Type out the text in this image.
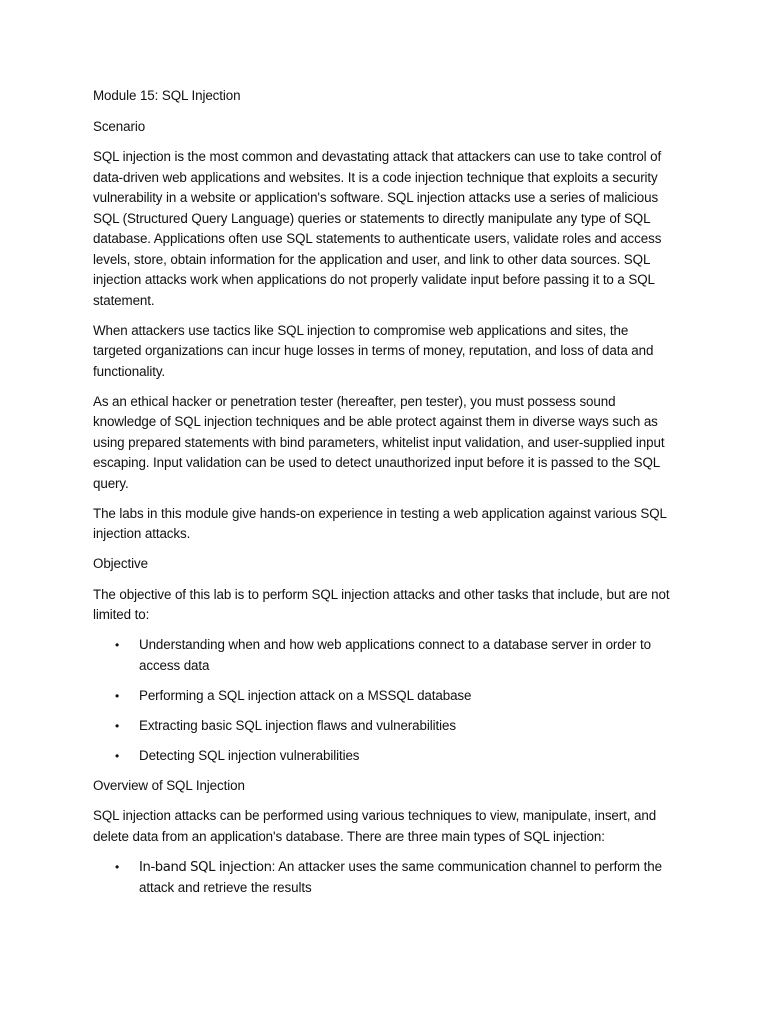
Module 15: SQL Injection

Scenario

SQL injection is the most common and devastating attack that attackers can use to take control of data-driven web applications and websites. It is a code injection technique that exploits a security vulnerability in a website or application's software. SQL injection attacks use a series of malicious SQL (Structured Query Language) queries or statements to directly manipulate any type of SQL database. Applications often use SQL statements to authenticate users, validate roles and access levels, store, obtain information for the application and user, and link to other data sources. SQL injection attacks work when applications do not properly validate input before passing it to a SQL statement.

When attackers use tactics like SQL injection to compromise web applications and sites, the targeted organizations can incur huge losses in terms of money, reputation, and loss of data and functionality.

As an ethical hacker or penetration tester (hereafter, pen tester), you must possess sound knowledge of SQL injection techniques and be able protect against them in diverse ways such as using prepared statements with bind parameters, whitelist input validation, and user-supplied input escaping. Input validation can be used to detect unauthorized input before it is passed to the SQL query.

The labs in this module give hands-on experience in testing a web application against various SQL injection attacks.

Objective

The objective of this lab is to perform SQL injection attacks and other tasks that include, but are not limited to:

• Understanding when and how web applications connect to a database server in order to access data
• Performing a SQL injection attack on a MSSQL database
• Extracting basic SQL injection flaws and vulnerabilities
• Detecting SQL injection vulnerabilities

Overview of SQL Injection

SQL injection attacks can be performed using various techniques to view, manipulate, insert, and delete data from an application's database. There are three main types of SQL injection:

• In-band SQL injection: An attacker uses the same communication channel to perform the attack and retrieve the results
